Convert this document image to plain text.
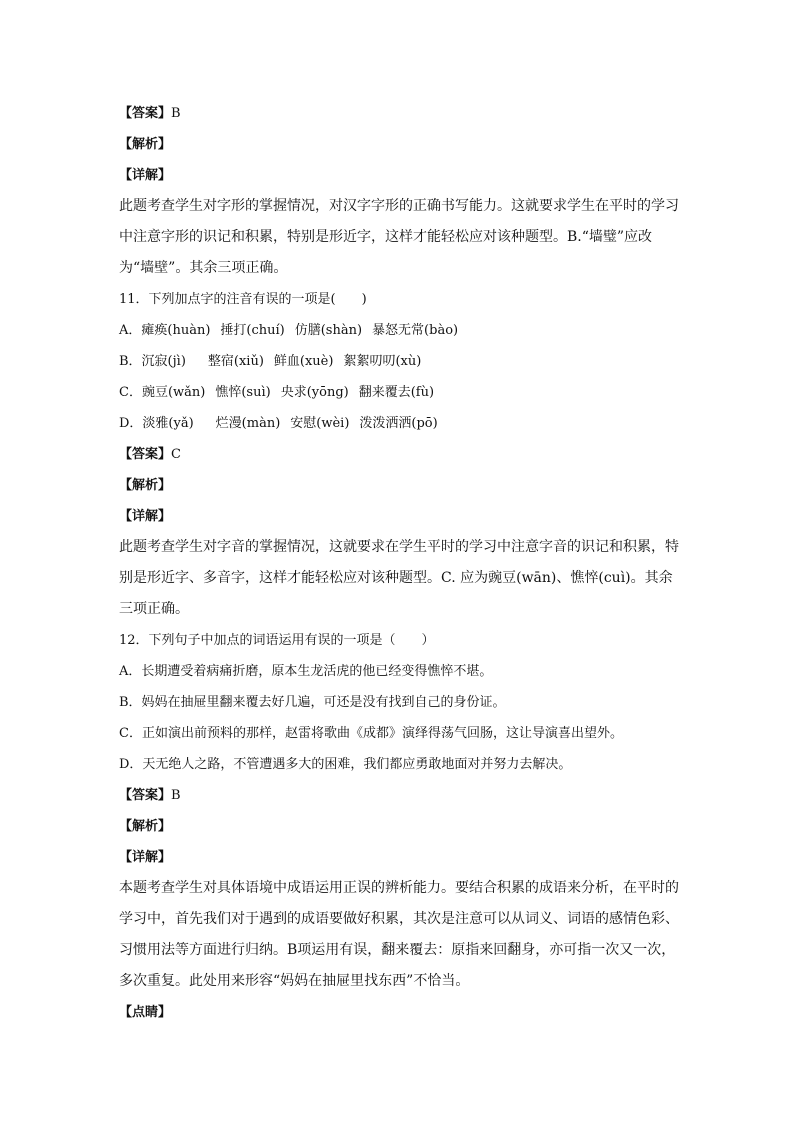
【答案】B
【解析】
【详解】
此题考查学生对字形的掌握情况，对汉字字形的正确书写能力。这就要求学生在平时的学习中注意字形的识记和积累，特别是形近字，这样才能轻松应对该种题型。B.“墙璧”应改为“墙壁”。其余三项正确。
11．下列加点字的注音有误的一项是(　　)
A．瘫痪(huàn) 捶打(chuí) 仿膳(shàn) 暴怒无常(bào)
B．沉寂(jì) 整宿(xiǔ) 鲜血(xuè) 絮絮叨叨(xù)
C．豌豆(wǎn) 憔悴(suì) 央求(yōng) 翻来覆去(fù)
D．淡雅(yǎ) 烂漫(màn) 安慰(wèi) 泼泼洒洒(pō)
【答案】C
【解析】
【详解】
此题考查学生对字音的掌握情况，这就要求在学生平时的学习中注意字音的识记和积累，特别是形近字、多音字，这样才能轻松应对该种题型。C. 应为豌豆(wān)、憔悴(cuì)。其余三项正确。
12．下列句子中加点的词语运用有误的一项是（　　）
A．长期遭受着病痛折磨，原本生龙活虎的他已经变得憔悴不堪。
B．妈妈在抽屉里翻来覆去好几遍，可还是没有找到自己的身份证。
C．正如演出前预料的那样，赵雷将歌曲《成都》演绎得荡气回肠，这让导演喜出望外。
D．天无绝人之路，不管遭遇多大的困难，我们都应勇敢地面对并努力去解决。
【答案】B
【解析】
【详解】
本题考查学生对具体语境中成语运用正误的辨析能力。要结合积累的成语来分析，在平时的学习中，首先我们对于遇到的成语要做好积累，其次是注意可以从词义、词语的感情色彩、习惯用法等方面进行归纳。B项运用有误，翻来覆去：原指来回翻身，亦可指一次又一次，多次重复。此处用来形容“妈妈在抽屉里找东西”不恰当。
【点睛】
